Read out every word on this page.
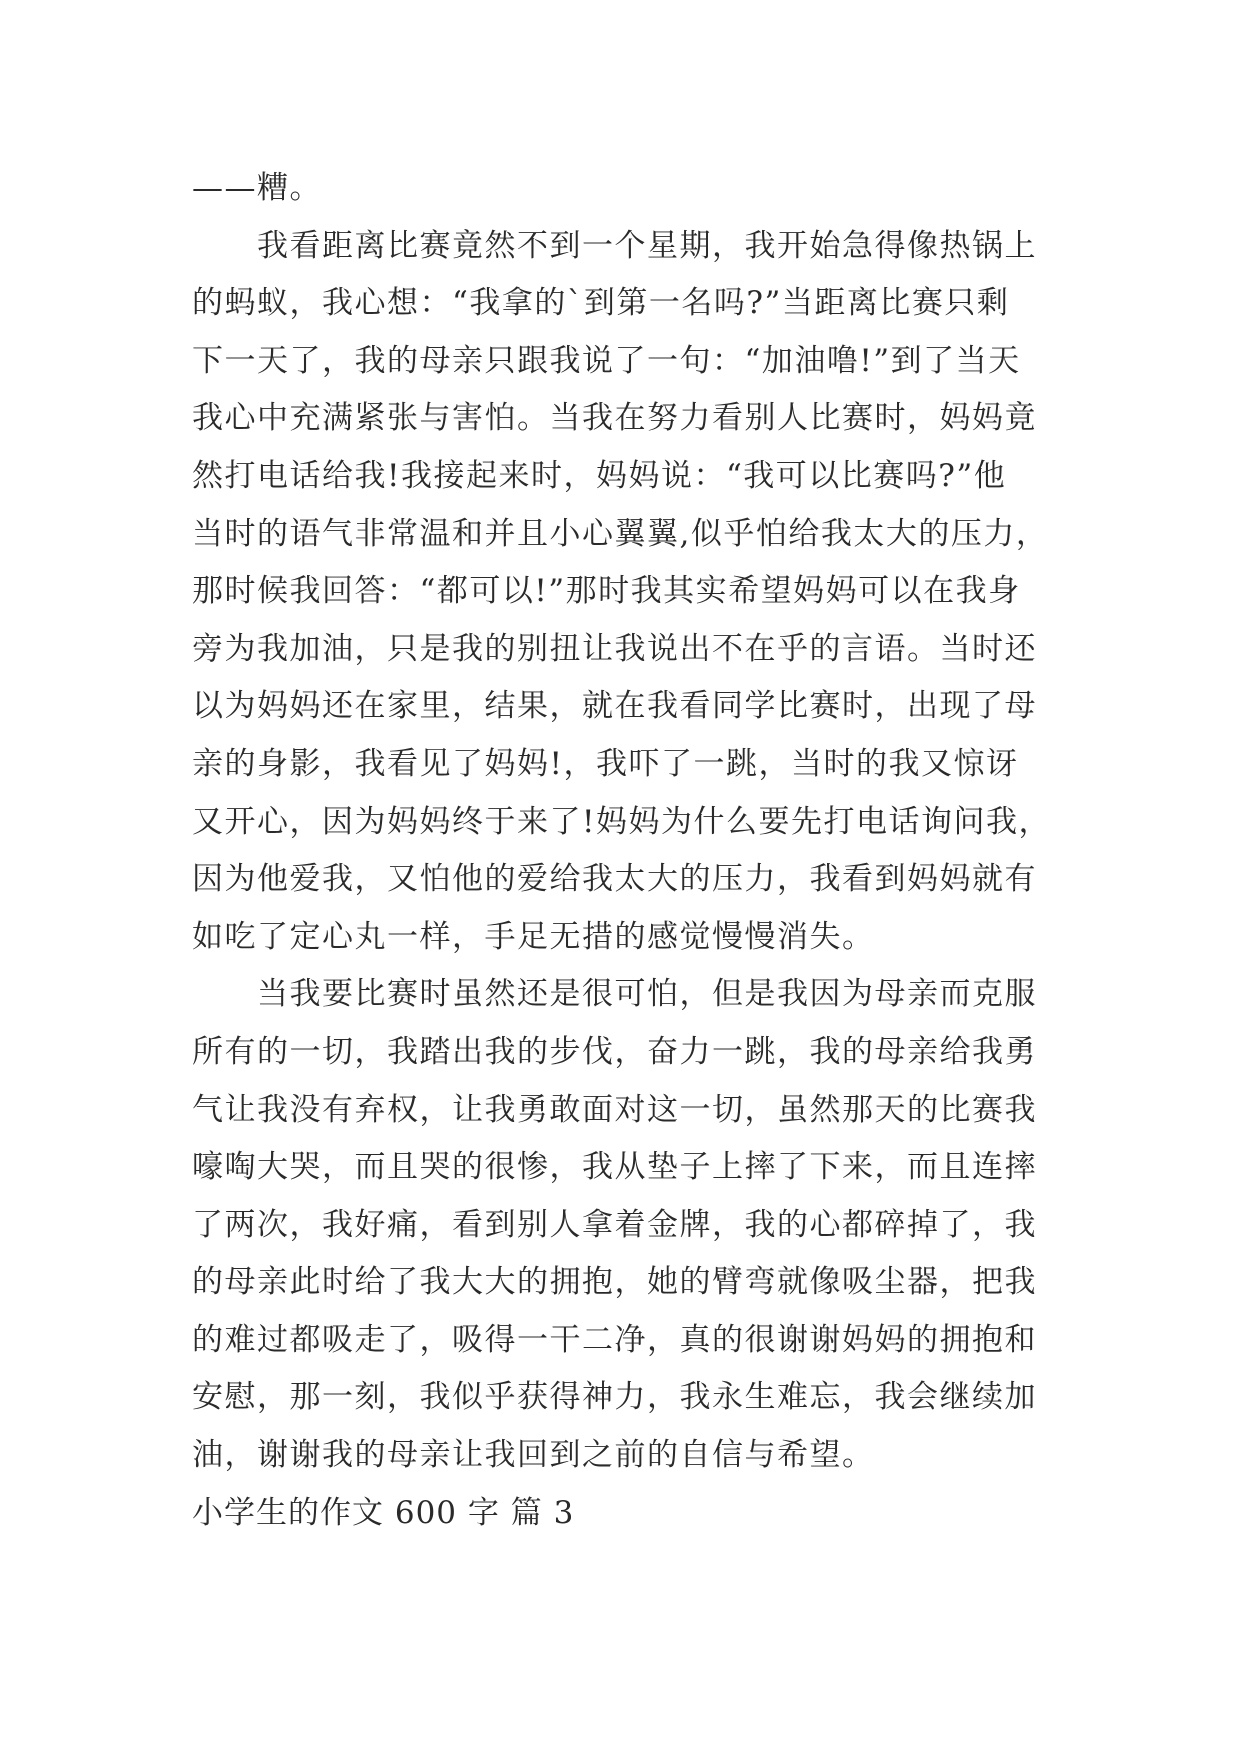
——糟。
　　我看距离比赛竟然不到一个星期，我开始急得像热锅上
的蚂蚁，我心想：“我拿的`到第一名吗?”当距离比赛只剩
下一天了，我的母亲只跟我说了一句：“加油噜!”到了当天
我心中充满紧张与害怕。当我在努力看别人比赛时，妈妈竟
然打电话给我!我接起来时，妈妈说：“我可以比赛吗?”他
当时的语气非常温和并且小心翼翼,似乎怕给我太大的压力，
那时候我回答：“都可以!”那时我其实希望妈妈可以在我身
旁为我加油，只是我的别扭让我说出不在乎的言语。当时还
以为妈妈还在家里，结果，就在我看同学比赛时，出现了母
亲的身影，我看见了妈妈!，我吓了一跳，当时的我又惊讶
又开心，因为妈妈终于来了!妈妈为什么要先打电话询问我，
因为他爱我，又怕他的爱给我太大的压力，我看到妈妈就有
如吃了定心丸一样，手足无措的感觉慢慢消失。
　　当我要比赛时虽然还是很可怕，但是我因为母亲而克服
所有的一切，我踏出我的步伐，奋力一跳，我的母亲给我勇
气让我没有弃权，让我勇敢面对这一切，虽然那天的比赛我
嚎啕大哭，而且哭的很惨，我从垫子上摔了下来，而且连摔
了两次，我好痛，看到别人拿着金牌，我的心都碎掉了，我
的母亲此时给了我大大的拥抱，她的臂弯就像吸尘器，把我
的难过都吸走了，吸得一干二净，真的很谢谢妈妈的拥抱和
安慰，那一刻，我似乎获得神力，我永生难忘，我会继续加
油，谢谢我的母亲让我回到之前的自信与希望。
小学生的作文 600 字 篇 3
